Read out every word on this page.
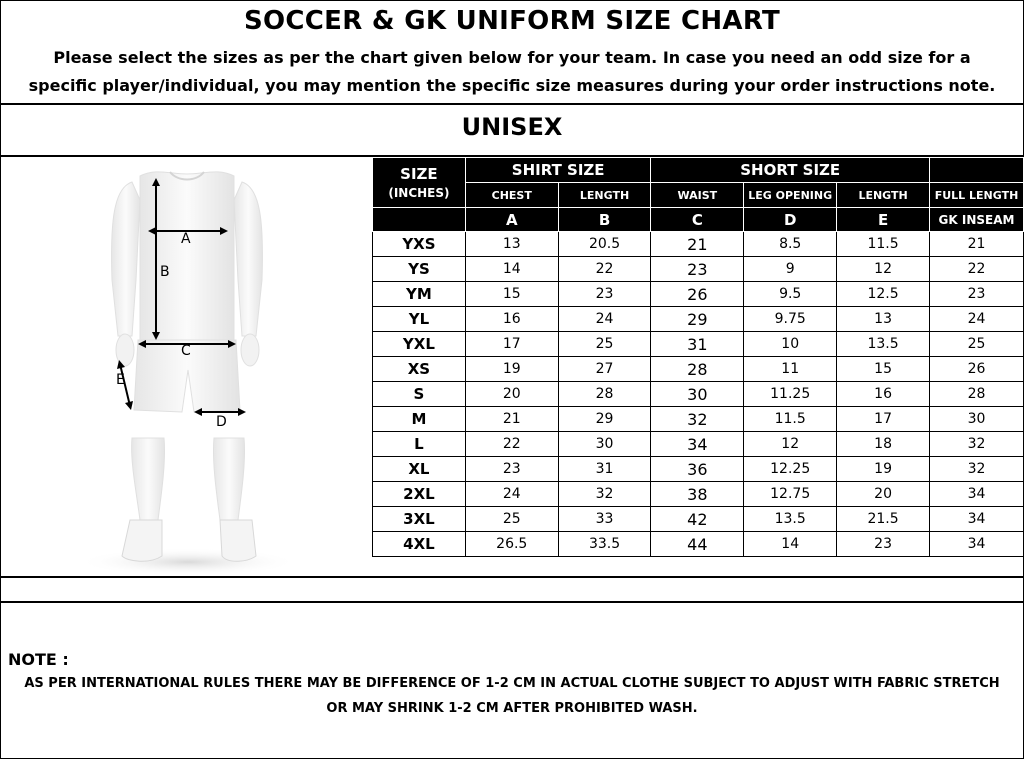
SOCCER & GK UNIFORM SIZE CHART
Please select the sizes as per the chart given below for your team. In case you need an odd size for a specific player/individual, you may mention the specific size measures during your order instructions note.
UNISEX
A
B
C
E
D
SIZE
(INCHES)	SHIRT SIZE		SHORT SIZE			
	CHEST	LENGTH	WAIST	LEG OPENING	LENGTH	FULL LENGTH
	A	B	C	D	E	GK INSEAM
YXS	13	20.5	21	8.5	11.5	21
YS	14	22	23	9	12	22
YM	15	23	26	9.5	12.5	23
YL	16	24	29	9.75	13	24
YXL	17	25	31	10	13.5	25
XS	19	27	28	11	15	26
S	20	28	30	11.25	16	28
M	21	29	32	11.5	17	30
L	22	30	34	12	18	32
XL	23	31	36	12.25	19	32
2XL	24	32	38	12.75	20	34
3XL	25	33	42	13.5	21.5	34
4XL	26.5	33.5	44	14	23	34
NOTE :
AS PER INTERNATIONAL RULES THERE MAY BE DIFFERENCE OF 1-2 CM IN ACTUAL CLOTHE SUBJECT TO ADJUST WITH FABRIC STRETCH
OR MAY SHRINK 1-2 CM AFTER PROHIBITED WASH.
